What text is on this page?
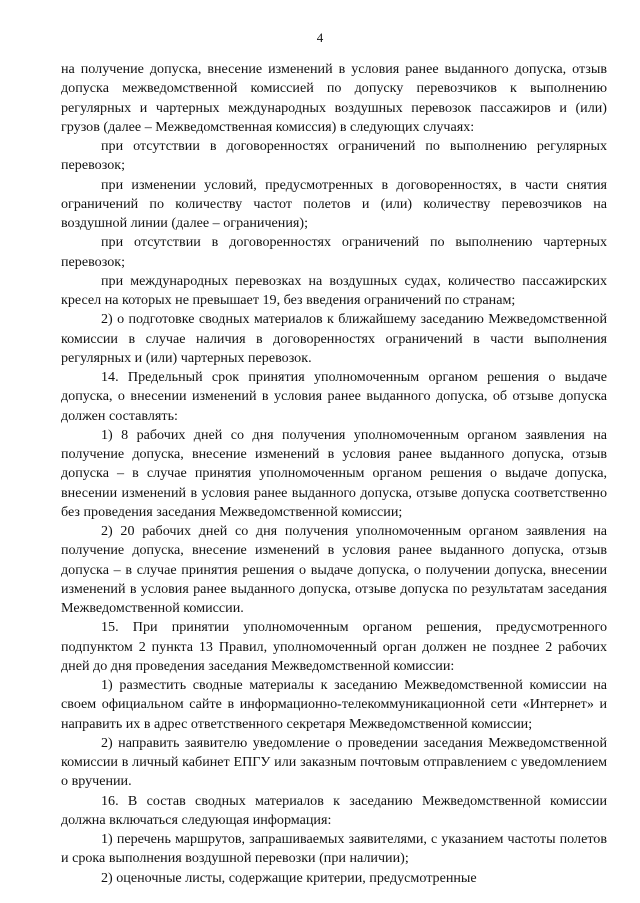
4

на получение допуска, внесение изменений в условия ранее выданного допуска, отзыв допуска межведомственной комиссией по допуску перевозчиков к выполнению регулярных и чартерных международных воздушных перевозок пассажиров и (или) грузов (далее – Межведомственная комиссия) в следующих случаях:

при отсутствии в договоренностях ограничений по выполнению регулярных перевозок;

при изменении условий, предусмотренных в договоренностях, в части снятия ограничений по количеству частот полетов и (или) количеству перевозчиков на воздушной линии (далее – ограничения);

при отсутствии в договоренностях ограничений по выполнению чартерных перевозок;

при международных перевозках на воздушных судах, количество пассажирских кресел на которых не превышает 19, без введения ограничений по странам;

2) о подготовке сводных материалов к ближайшему заседанию Межведомственной комиссии в случае наличия в договоренностях ограничений в части выполнения регулярных и (или) чартерных перевозок.

14. Предельный срок принятия уполномоченным органом решения о выдаче допуска, о внесении изменений в условия ранее выданного допуска, об отзыве допуска должен составлять:

1) 8 рабочих дней со дня получения уполномоченным органом заявления на получение допуска, внесение изменений в условия ранее выданного допуска, отзыв допуска – в случае принятия уполномоченным органом решения о выдаче допуска, внесении изменений в условия ранее выданного допуска, отзыве допуска соответственно без проведения заседания Межведомственной комиссии;

2) 20 рабочих дней со дня получения уполномоченным органом заявления на получение допуска, внесение изменений в условия ранее выданного допуска, отзыв допуска – в случае принятия решения о выдаче допуска, о получении допуска, внесении изменений в условия ранее выданного допуска, отзыве допуска по результатам заседания Межведомственной комиссии.

15. При принятии уполномоченным органом решения, предусмотренного подпунктом 2 пункта 13 Правил, уполномоченный орган должен не позднее 2 рабочих дней до дня проведения заседания Межведомственной комиссии:

1) разместить сводные материалы к заседанию Межведомственной комиссии на своем официальном сайте в информационно-телекоммуникационной сети «Интернет» и направить их в адрес ответственного секретаря Межведомственной комиссии;

2) направить заявителю уведомление о проведении заседания Межведомственной комиссии в личный кабинет ЕПГУ или заказным почтовым отправлением с уведомлением о вручении.

16. В состав сводных материалов к заседанию Межведомственной комиссии должна включаться следующая информация:

1) перечень маршрутов, запрашиваемых заявителями, с указанием частоты полетов и срока выполнения воздушной перевозки (при наличии);

2) оценочные листы, содержащие критерии, предусмотренные
